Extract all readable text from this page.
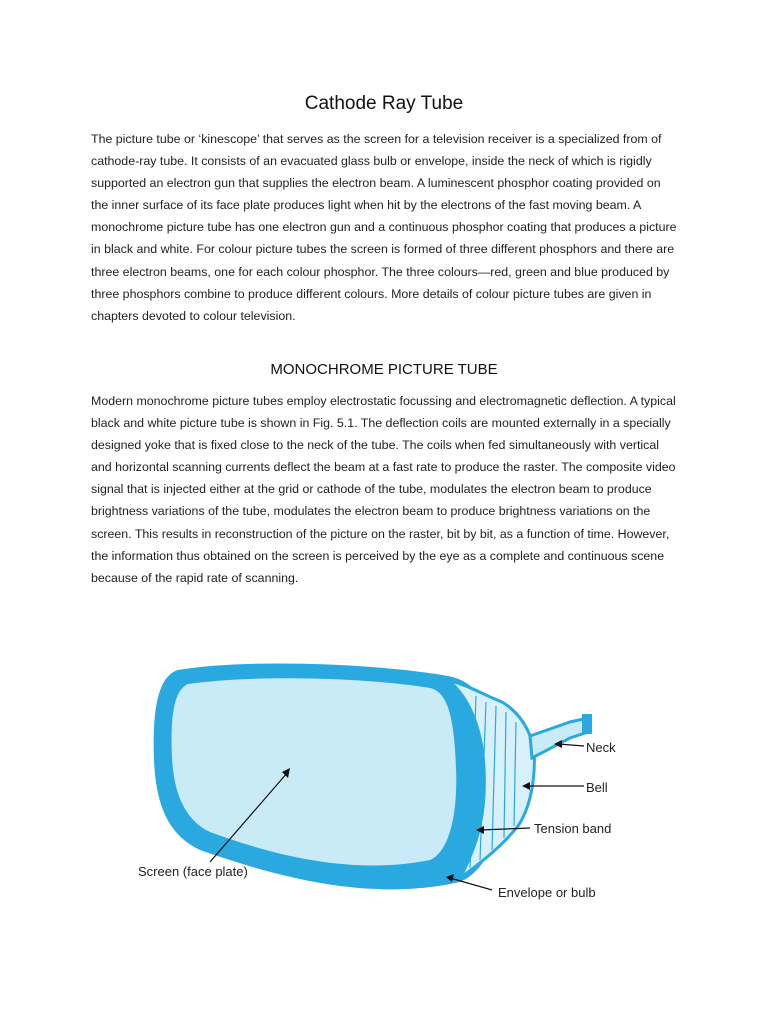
Cathode Ray Tube

The picture tube or ‘kinescope’ that serves as the screen for a television receiver is a specialized from of cathode-ray tube. It consists of an evacuated glass bulb or envelope, inside the neck of which is rigidly supported an electron gun that supplies the electron beam. A luminescent phosphor coating provided on the inner surface of its face plate produces light when hit by the electrons of the fast moving beam. A monochrome picture tube has one electron gun and a continuous phosphor coating that produces a picture in black and white. For colour picture tubes the screen is formed of three different phosphors and there are three electron beams, one for each colour phosphor. The three colours—red, green and blue produced by three phosphors combine to produce different colours. More details of colour picture tubes are given in chapters devoted to colour television.

MONOCHROME PICTURE TUBE

Modern monochrome picture tubes employ electrostatic focussing and electromagnetic deflection. A typical black and white picture tube is shown in Fig. 5.1. The deflection coils are mounted externally in a specially designed yoke that is fixed close to the neck of the tube. The coils when fed simultaneously with vertical and horizontal scanning currents deflect the beam at a fast rate to produce the raster. The composite video signal that is injected either at the grid or cathode of the tube, modulates the electron beam to produce brightness variations of the tube, modulates the electron beam to produce brightness variations on the screen. This results in reconstruction of the picture on the raster, bit by bit, as a function of time. However, the information thus obtained on the screen is perceived by the eye as a complete and continuous scene because of the rapid rate of scanning.

Neck
Bell
Tension band
Screen (face plate)
Envelope or bulb
